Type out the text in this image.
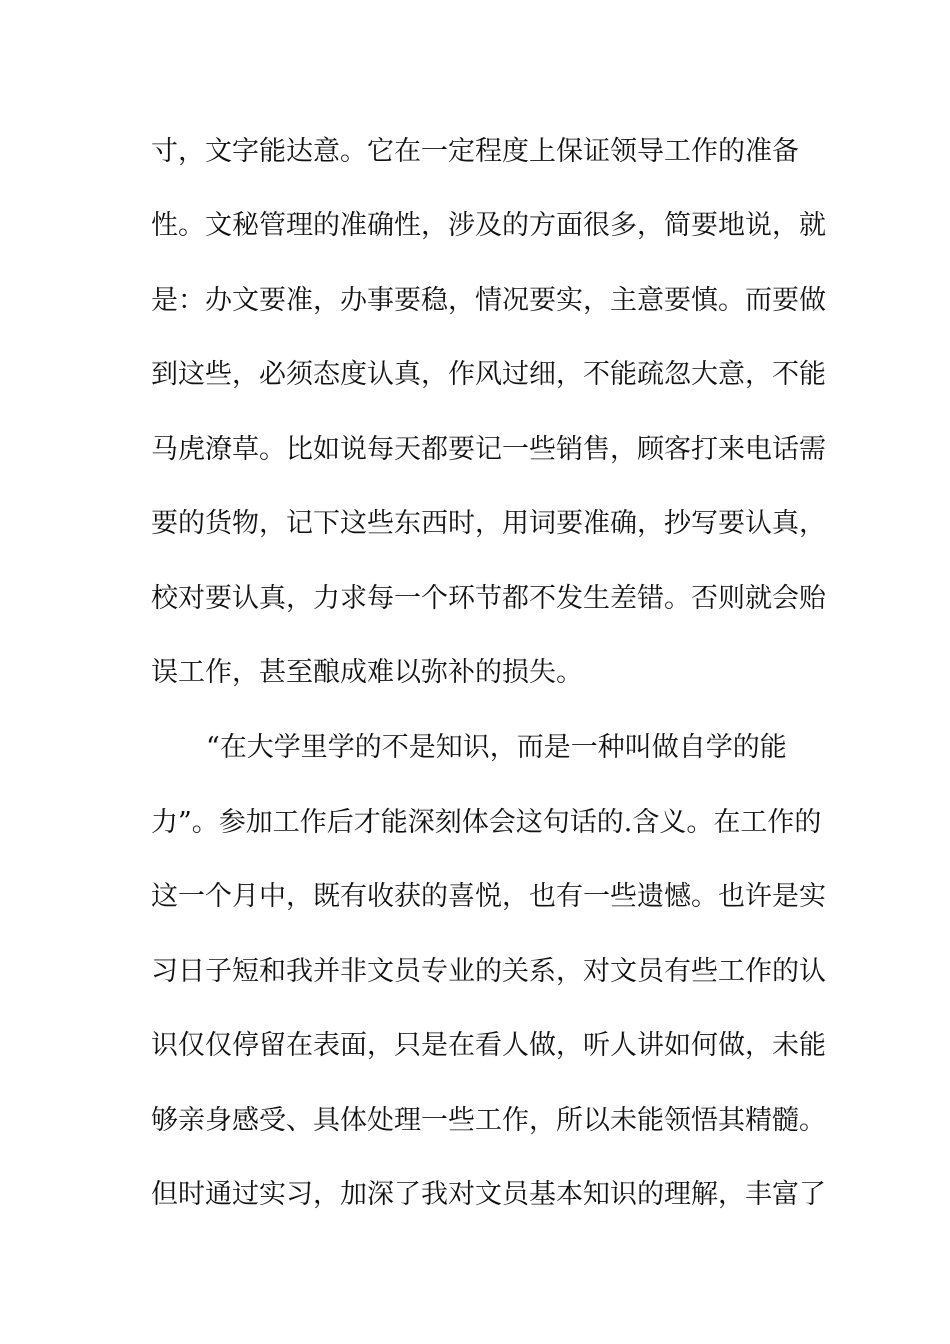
寸，文字能达意。它在一定程度上保证领导工作的准备
性。文秘管理的准确性，涉及的方面很多，简要地说，就
是：办文要准，办事要稳，情况要实，主意要慎。而要做
到这些，必须态度认真，作风过细，不能疏忽大意，不能
马虎潦草。比如说每天都要记一些销售，顾客打来电话需
要的货物，记下这些东西时，用词要准确，抄写要认真，
校对要认真，力求每一个环节都不发生差错。否则就会贻
误工作，甚至酿成难以弥补的损失。
“在大学里学的不是知识，而是一种叫做自学的能
力”。参加工作后才能深刻体会这句话的.含义。在工作的
这一个月中，既有收获的喜悦，也有一些遗憾。也许是实
习日子短和我并非文员专业的关系，对文员有些工作的认
识仅仅停留在表面，只是在看人做，听人讲如何做，未能
够亲身感受、具体处理一些工作，所以未能领悟其精髓。
但时通过实习，加深了我对文员基本知识的理解，丰富了
